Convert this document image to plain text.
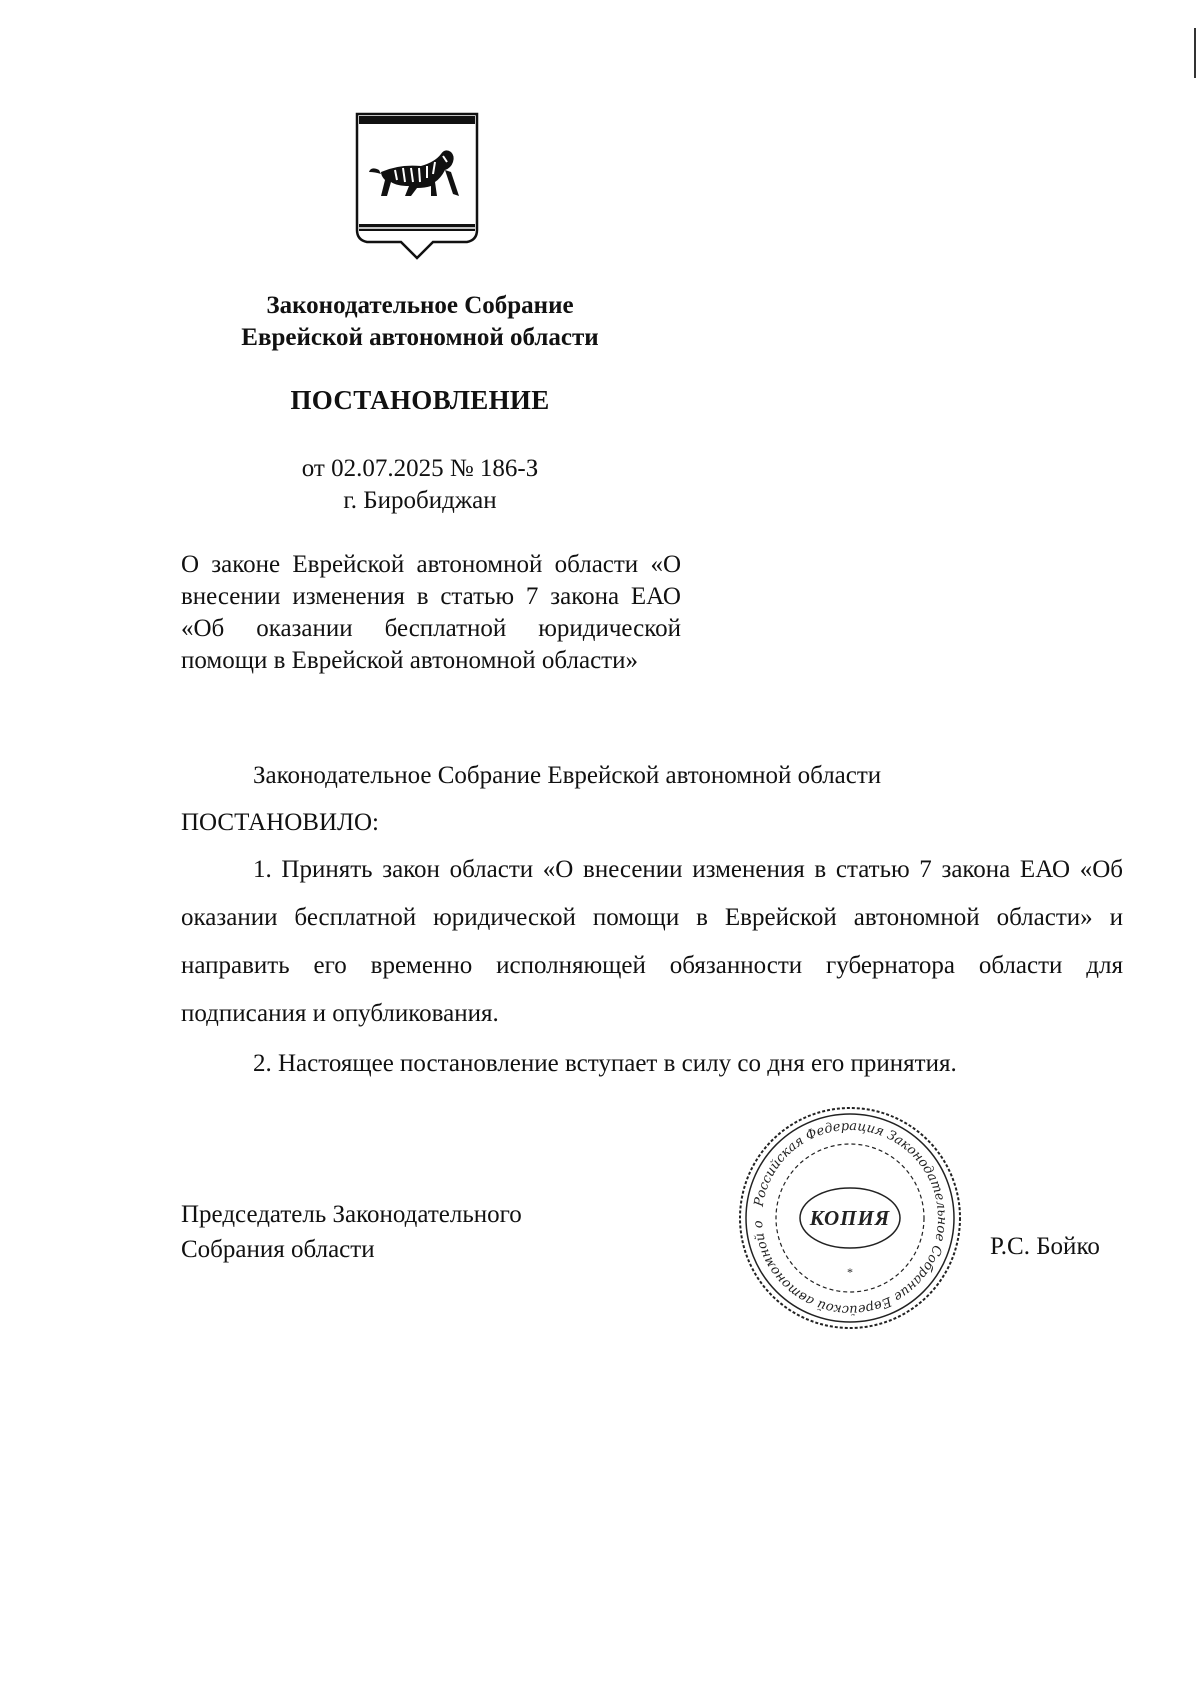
Законодательное Собрание
Еврейской автономной области
ПОСТАНОВЛЕНИЕ
от 02.07.2025 № 186-З
г. Биробиджан
О законе Еврейской автономной области «О внесении изменения в статью 7 закона ЕАО «Об оказании бесплатной юридической помощи в Еврейской автономной области»

Законодательное Собрание Еврейской автономной области

ПОСТАНОВИЛО:

1. Принять закон области «О внесении изменения в статью 7 закона ЕАО «Об оказании бесплатной юридической помощи в Еврейской автономной области» и направить его временно исполняющей обязанности губернатора области для подписания и опубликования.

2. Настоящее постановление вступает в силу со дня его принятия.

Председатель Законодательного
Собрания области
Российская Федерация Законодательное Собрание Еврейской автономной о	КОПИЯ
*
Р.С. Бойко
